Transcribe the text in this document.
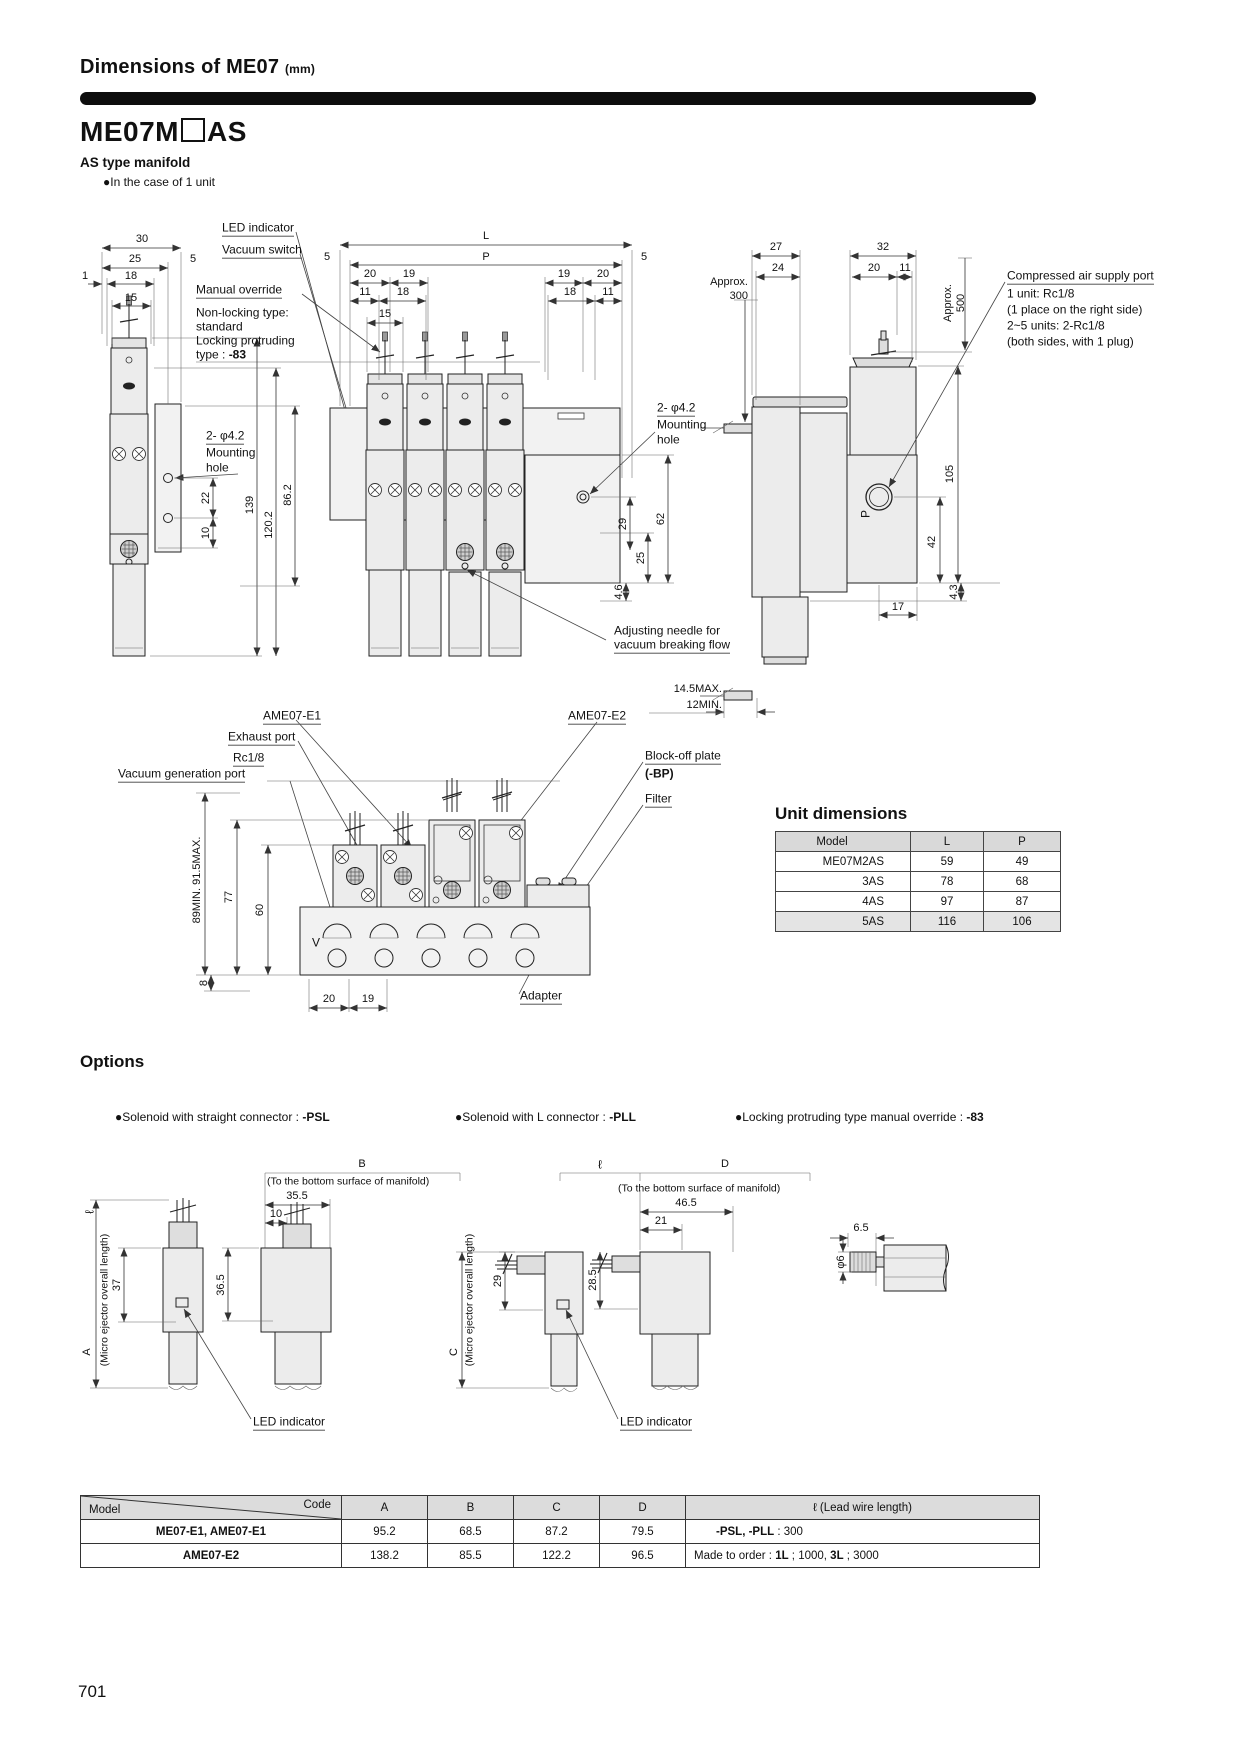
Dimensions of ME07 (mm)
ME07M AS
AS type manifold
●In the case of 1 unit
30
25	5
1	18
15
LED indicator
Vacuum switch
Manual override
Non-locking type:
standard
Locking protruding
type : -83
2- φ4.2
Mounting
hole
139
120.2
86.2
22
10
L
P
5	5
20 19	19 20
11 18	18 11
15
2- φ4.2
Mounting
hole
29 62
25
4.6
Adjusting needle for
vacuum breaking flow
14.5MAX.
12MIN.
Approx.
300
27
24
32
20 11
Approx. 500
Compressed air supply port
1 unit: Rc1/8
(1 place on the right side)
2~5 units: 2-Rc1/8
(both sides, with 1 plug)
P
105
42
17
4.3
AME07-E1
Exhaust port
Rc1/8
Vacuum generation port
AME07-E2
Block-off plate
(-BP)
Filter
89MIN. 91.5MAX. 77
60
V
8
20 19	Adapter
B
(To the bottom surface of manifold)
35.5
10
ℓ
(Micro ejector overall length)
A
37	36.5
LED indicator
ℓ	D
(To the bottom surface of manifold)
46.5
21
29	28.5
C (Micro ejector overall length)
LED indicator
6.5
φ6
Unit dimensions
Model	L	P
ME07M2AS	59	49
3AS	78	68
4AS	97	87
5AS	116	106
Options
●Solenoid with straight connector : -PSL	●Solenoid with L connector : -PLL	●Locking protruding type manual override : -83
Model Code	A	B	C	D	ℓ (Lead wire length)
ME07-E1, AME07-E1	95.2	68.5	87.2	79.5	-PSL, -PLL : 300
AME07-E2	138.2	85.5	122.2	96.5	Made to order : 1L ; 1000, 3L ; 3000
701
